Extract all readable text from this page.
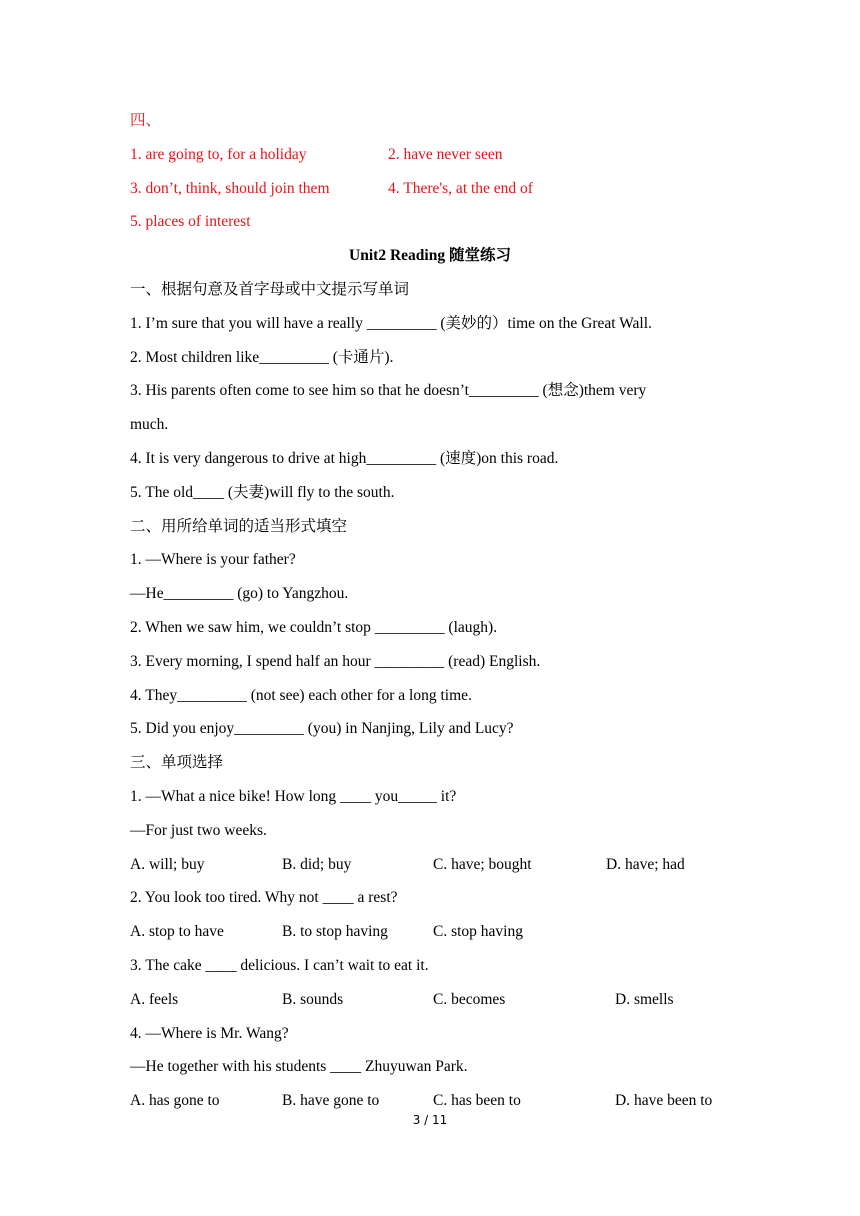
四、
1. are going to, for a holiday	2. have never seen
3. don’t, think, should join them	4. There's, at the end of
5. places of interest
Unit2 Reading 随堂练习
一、根据句意及首字母或中文提示写单词
1. I’m sure that you will have a really _________ (美妙的）time on the Great Wall.
2. Most children like_________ (卡通片).
3. His parents often come to see him so that he doesn’t_________ (想念)them very
much.
4. It is very dangerous to drive at high_________ (速度)on this road.
5. The old____ (夫妻)will fly to the south.
二、用所给单词的适当形式填空
1. —Where is your father?
—He_________ (go) to Yangzhou.
2. When we saw him, we couldn’t stop _________ (laugh).
3. Every morning, I spend half an hour _________ (read) English.
4. They_________ (not see) each other for a long time.
5. Did you enjoy_________ (you) in Nanjing, Lily and Lucy?
三、单项选择
1. —What a nice bike! How long ____ you_____ it?
—For just two weeks.
A. will; buy	B. did; buy	C. have; bought	D. have; had
2. You look too tired. Why not ____ a rest?
A. stop to have	B. to stop having	C. stop having
3. The cake ____ delicious. I can’t wait to eat it.
A. feels	B. sounds	C. becomes	D. smells
4. —Where is Mr. Wang?
—He together with his students ____ Zhuyuwan Park.
A. has gone to	B. have gone to	C. has been to	D. have been to
3 / 11
